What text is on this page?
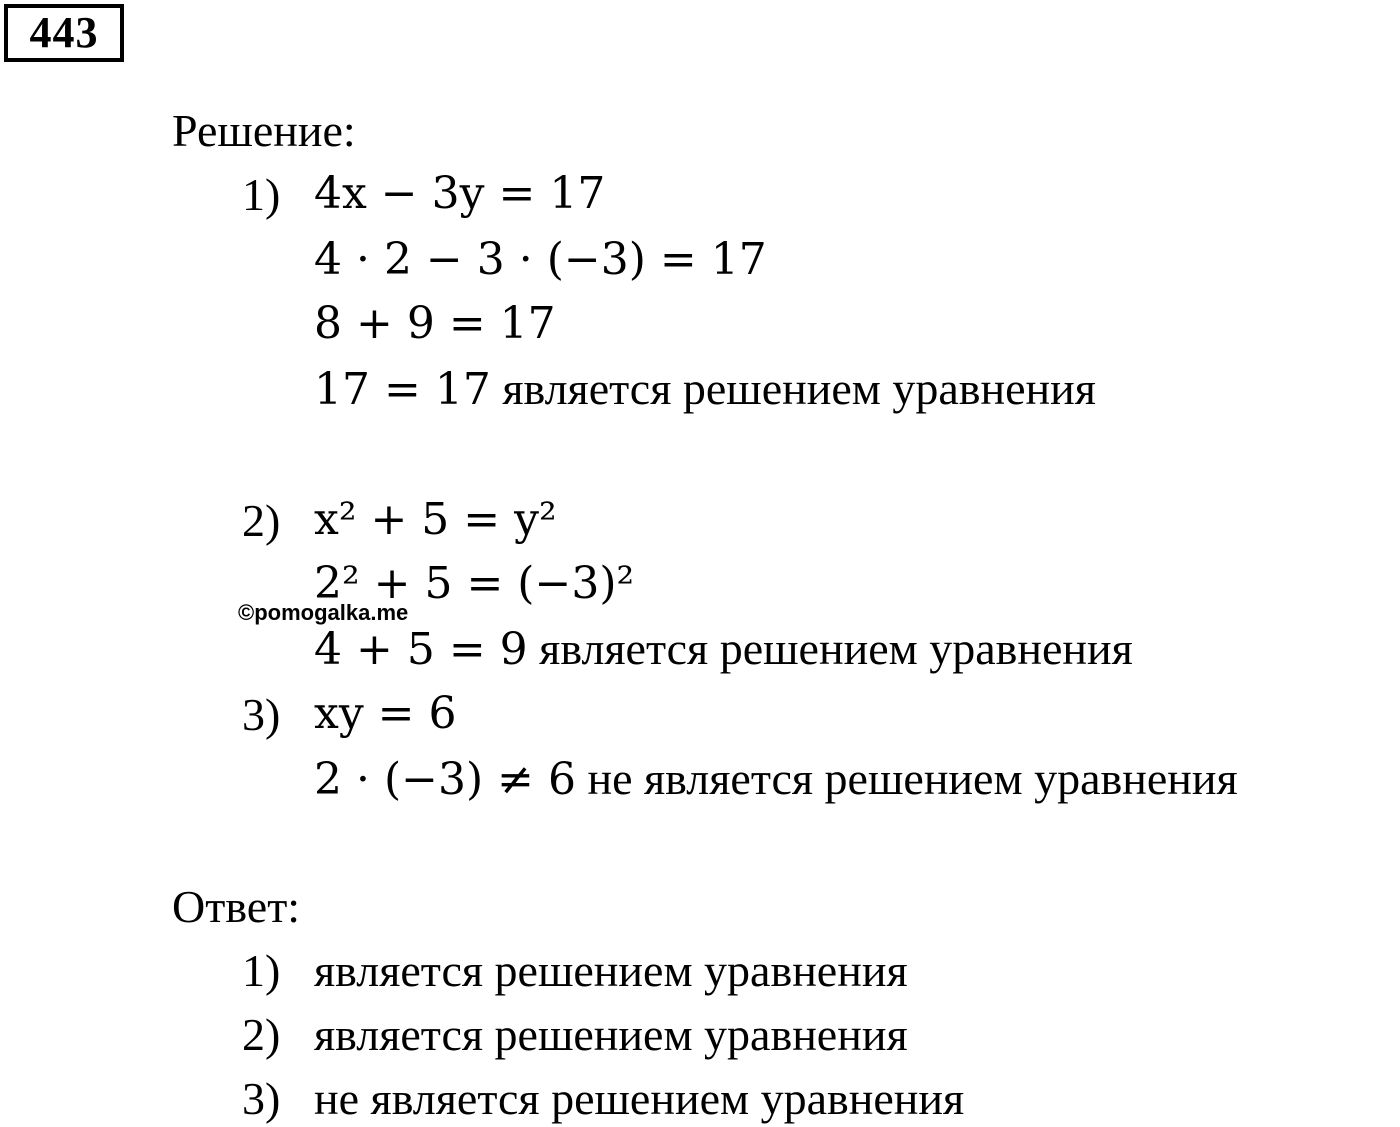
443
Решение:
1) 4x − 3y = 17
4 · 2 − 3 · (−3) = 17
8 + 9 = 17
17 = 17 является решением уравнения
2) x² + 5 = y²
2² + 5 = (−3)²
©pomogalka.me
4 + 5 = 9 является решением уравнения
3) xy = 6
2 · (−3) ≠ 6 не является решением уравнения
Ответ:
1) является решением уравнения
2) является решением уравнения
3) не является решением уравнения
